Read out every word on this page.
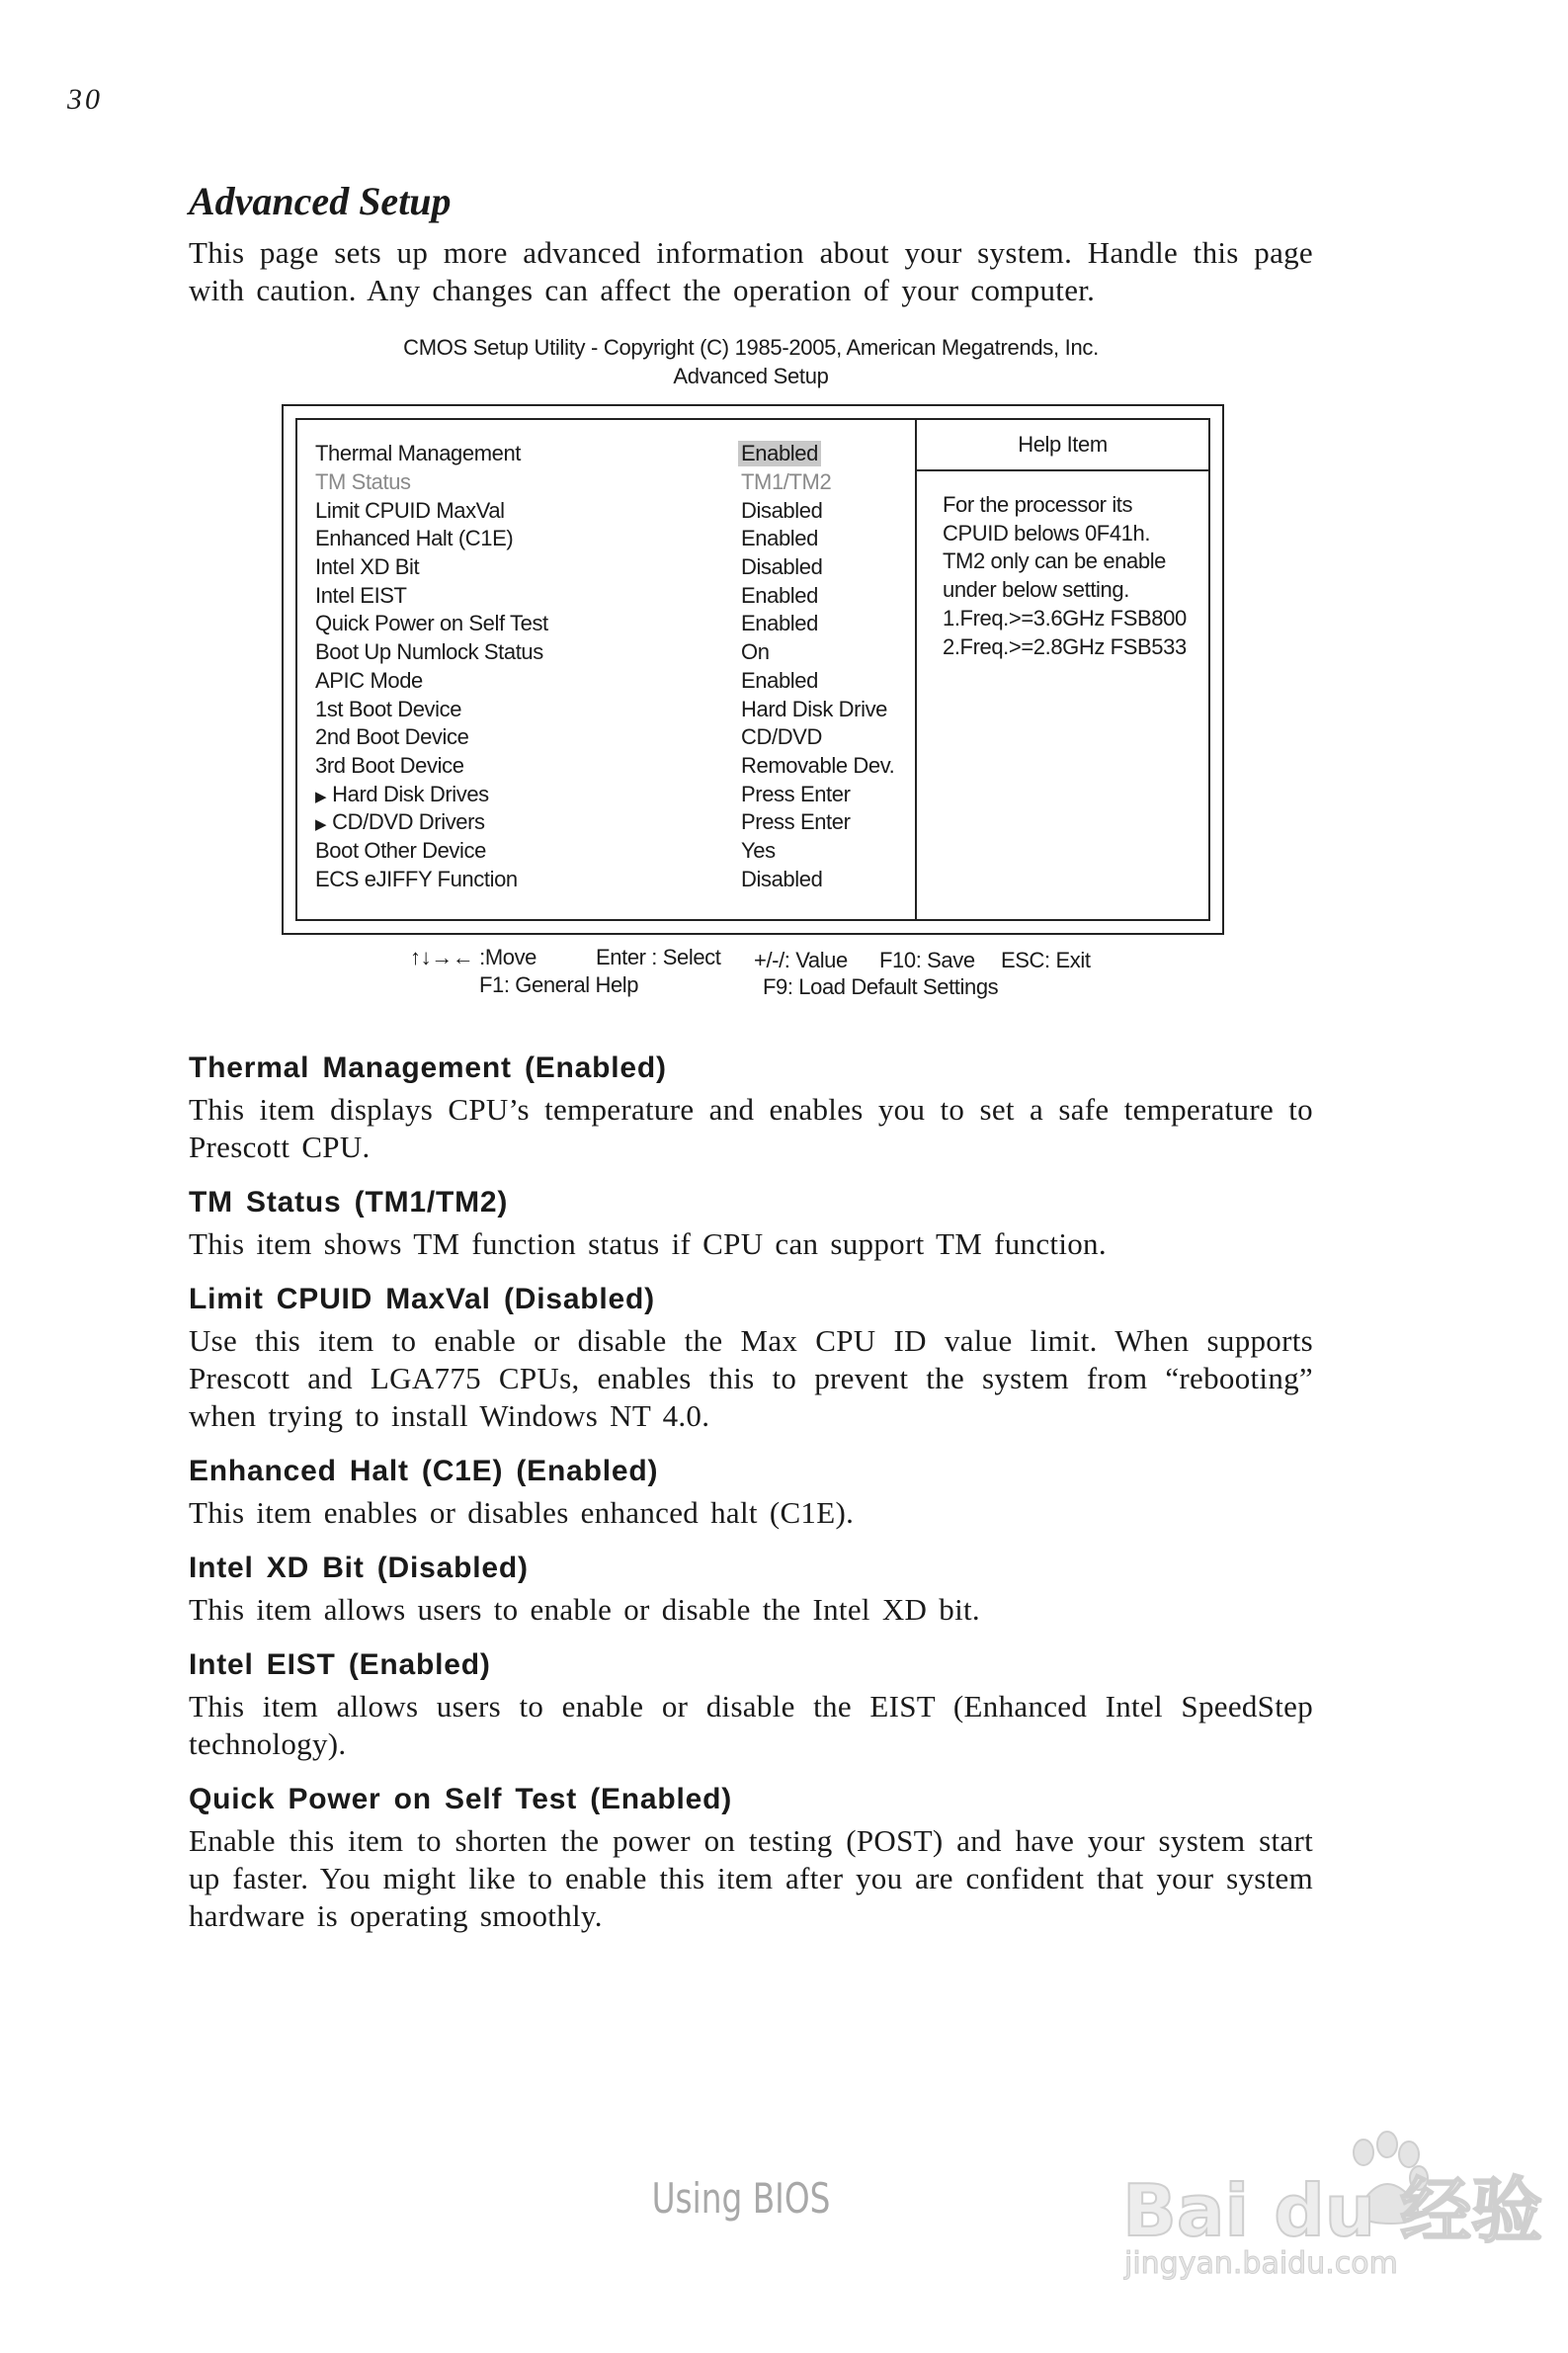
30
Advanced Setup

This page sets up more advanced information about your system. Handle this page with caution. Any changes can affect the operation of your computer.

CMOS Setup Utility - Copyright (C) 1985-2005, American Megatrends, Inc.
Advanced Setup
Thermal Management	Enabled
TM Status	TM1/TM2
Limit CPUID MaxVal	Disabled
Enhanced Halt (C1E)	Enabled
Intel XD Bit	Disabled
Intel EIST	Enabled
Quick Power on Self Test	Enabled
Boot Up Numlock Status	On
APIC Mode	Enabled
1st Boot Device	Hard Disk Drive
2nd Boot Device	CD/DVD
3rd Boot Device	Removable Dev.
▶ Hard Disk Drives	Press Enter
▶ CD/DVD Drivers	Press Enter
Boot Other Device	Yes
ECS eJIFFY Function	Disabled
Help Item
For the processor its
CPUID belows 0F41h.
TM2 only can be enable
under below setting.
1.Freq.>=3.6GHz FSB800
2.Freq.>=2.8GHz FSB533
↑↓→← :Move	Enter : Select +/-/: Value F10: Save ESC: Exit
F1: General Help	F9: Load Default Settings
Thermal Management (Enabled)

This item displays CPU’s temperature and enables you to set a safe temperature to Prescott CPU.

TM Status (TM1/TM2)

This item shows TM function status if CPU can support TM function.

Limit CPUID MaxVal (Disabled)

Use this item to enable or disable the Max CPU ID value limit. When supports Prescott and LGA775 CPUs, enables this to prevent the system from “rebooting” when trying to install Windows NT 4.0.

Enhanced Halt (C1E) (Enabled)

This item enables or disables enhanced halt (C1E).

Intel XD Bit (Disabled)

This item allows users to enable or disable the Intel XD bit.

Intel EIST (Enabled)

This item allows users to enable or disable the EIST (Enhanced Intel SpeedStep technology).

Quick Power on Self Test (Enabled)

Enable this item to shorten the power on testing (POST) and have your system start up faster. You might like to enable this item after you are confident that your system hardware is operating smoothly.

Using BIOS	Bai du 经验
jingyan.baidu.com
